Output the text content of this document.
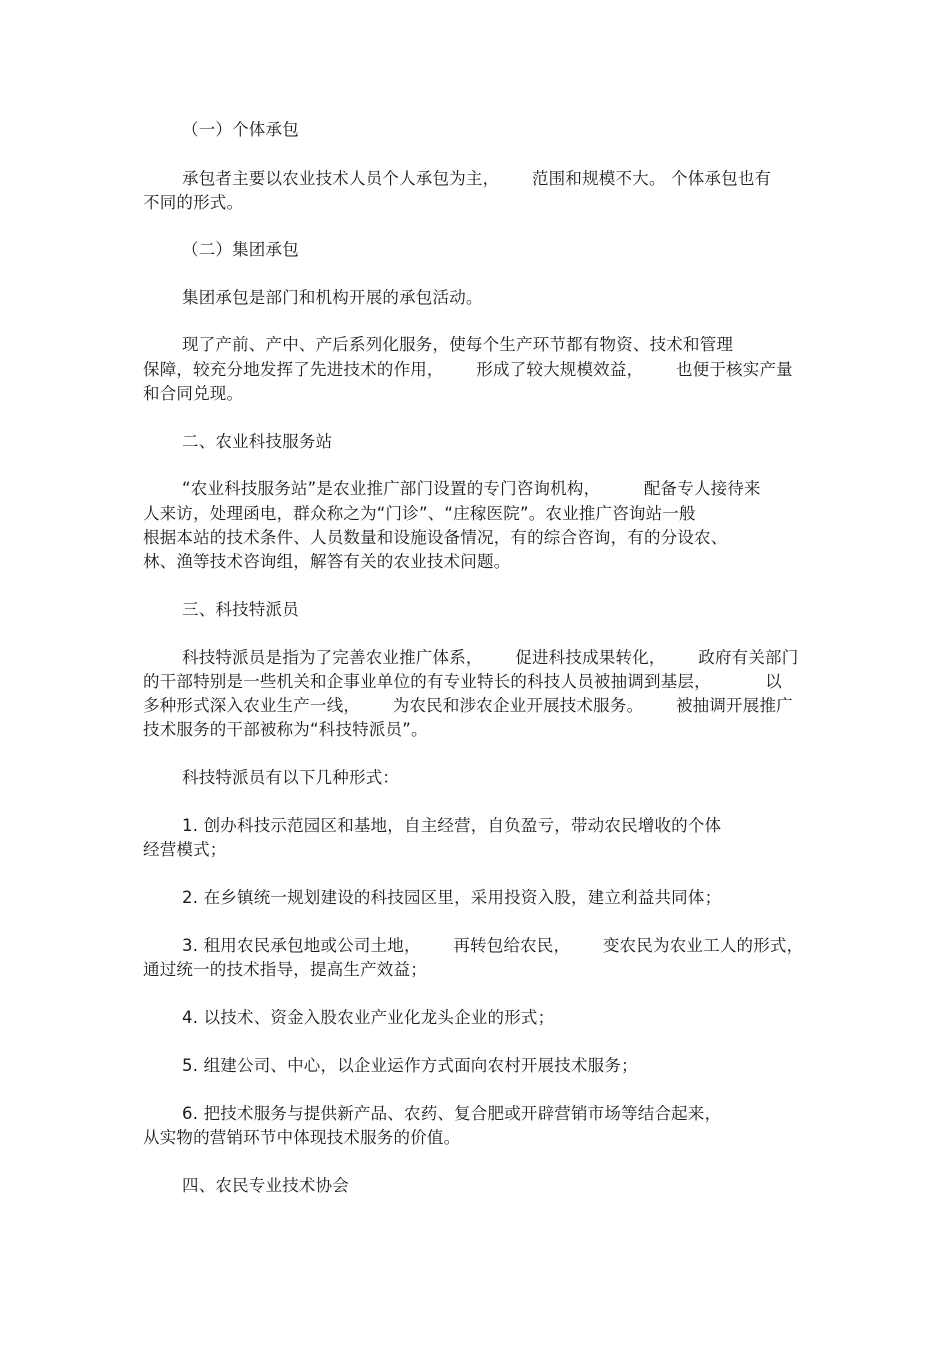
（一）个体承包
承包者主要以农业技术人员个人承包为主，      范围和规模不大。 个体承包也有
不同的形式。
（二）集团承包
集团承包是部门和机构开展的承包活动。
现了产前、产中、产后系列化服务，使每个生产环节都有物资、技术和管理
保障，较充分地发挥了先进技术的作用，      形成了较大规模效益，      也便于核实产量
和合同兑现。
二、农业科技服务站
“农业科技服务站”是农业推广部门设置的专门咨询机构，        配备专人接待来
人来访，处理函电，群众称之为“门诊”、“庄稼医院”。农业推广咨询站一般
根据本站的技术条件、人员数量和设施设备情况，有的综合咨询，有的分设农、
林、渔等技术咨询组，解答有关的农业技术问题。
三、科技特派员
科技特派员是指为了完善农业推广体系，      促进科技成果转化，      政府有关部门
的干部特别是一些机关和企事业单位的有专业特长的科技人员被抽调到基层，          以
多种形式深入农业生产一线，      为农民和涉农企业开展技术服务。      被抽调开展推广
技术服务的干部被称为“科技特派员”。
科技特派员有以下几种形式：
1. 创办科技示范园区和基地，自主经营，自负盈亏，带动农民增收的个体
经营模式；
2. 在乡镇统一规划建设的科技园区里，采用投资入股，建立利益共同体；
3. 租用农民承包地或公司土地，      再转包给农民，      变农民为农业工人的形式，
通过统一的技术指导，提高生产效益；
4. 以技术、资金入股农业产业化龙头企业的形式；
5. 组建公司、中心，以企业运作方式面向农村开展技术服务；
6. 把技术服务与提供新产品、农药、复合肥或开辟营销市场等结合起来，
从实物的营销环节中体现技术服务的价值。
四、农民专业技术协会
